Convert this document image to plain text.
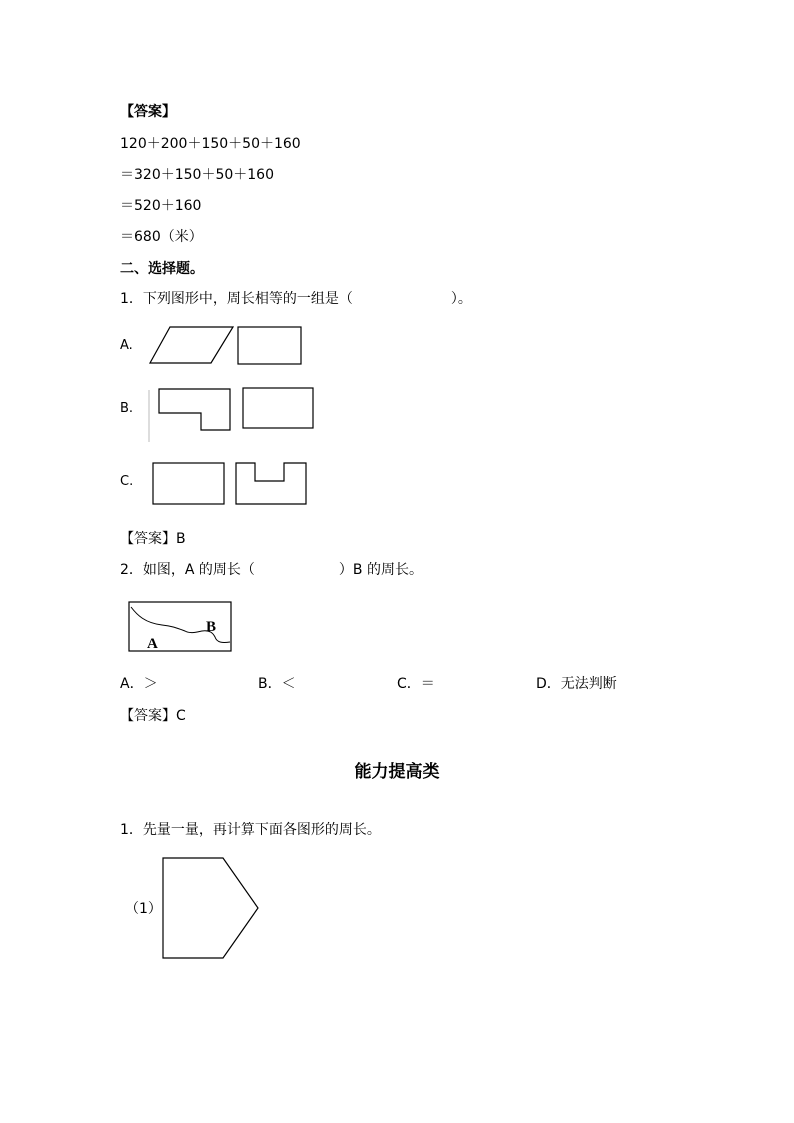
【答案】
120＋200＋150＋50＋160
＝320＋150＋50＋160
＝520＋160
＝680（米）
二、选择题。
1．下列图形中，周长相等的一组是（　　　　　　　）。
A.
B.
C.
【答案】B
2．如图，A 的周长（　　　　　　）B 的周长。
A
B
A．＞	B．＜	C．＝	D．无法判断
【答案】C
能力提高类
1．先量一量，再计算下面各图形的周长。
（1）
